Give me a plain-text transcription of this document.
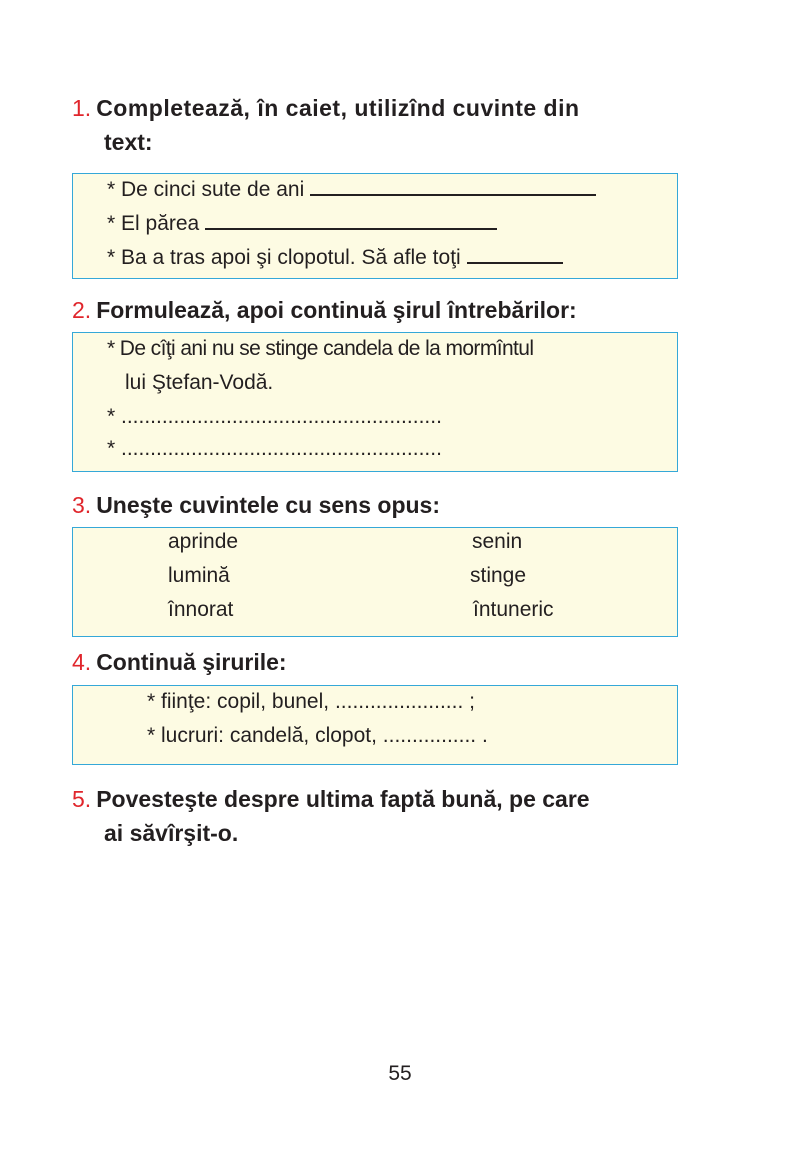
1. Completează, în caiet, utilizînd cuvinte din
text:
* De cinci sute de ani
* El părea
* Ba a tras apoi şi clopotul. Să afle toţi
2. Formulează, apoi continuă şirul întrebărilor:
* De cîţi ani nu se stinge candela de la mormîntul
lui Ştefan-Vodă.
* .......................................................
* .......................................................
3. Uneşte cuvintele cu sens opus:
aprinde
lumină
înnorat
senin
stinge
întuneric
4. Continuă şirurile:
* fiinţe: copil, bunel, ...................... ;
* lucruri: candelă, clopot, ................ .
5. Povesteşte despre ultima faptă bună, pe care
ai săvîrşit-o.
55
